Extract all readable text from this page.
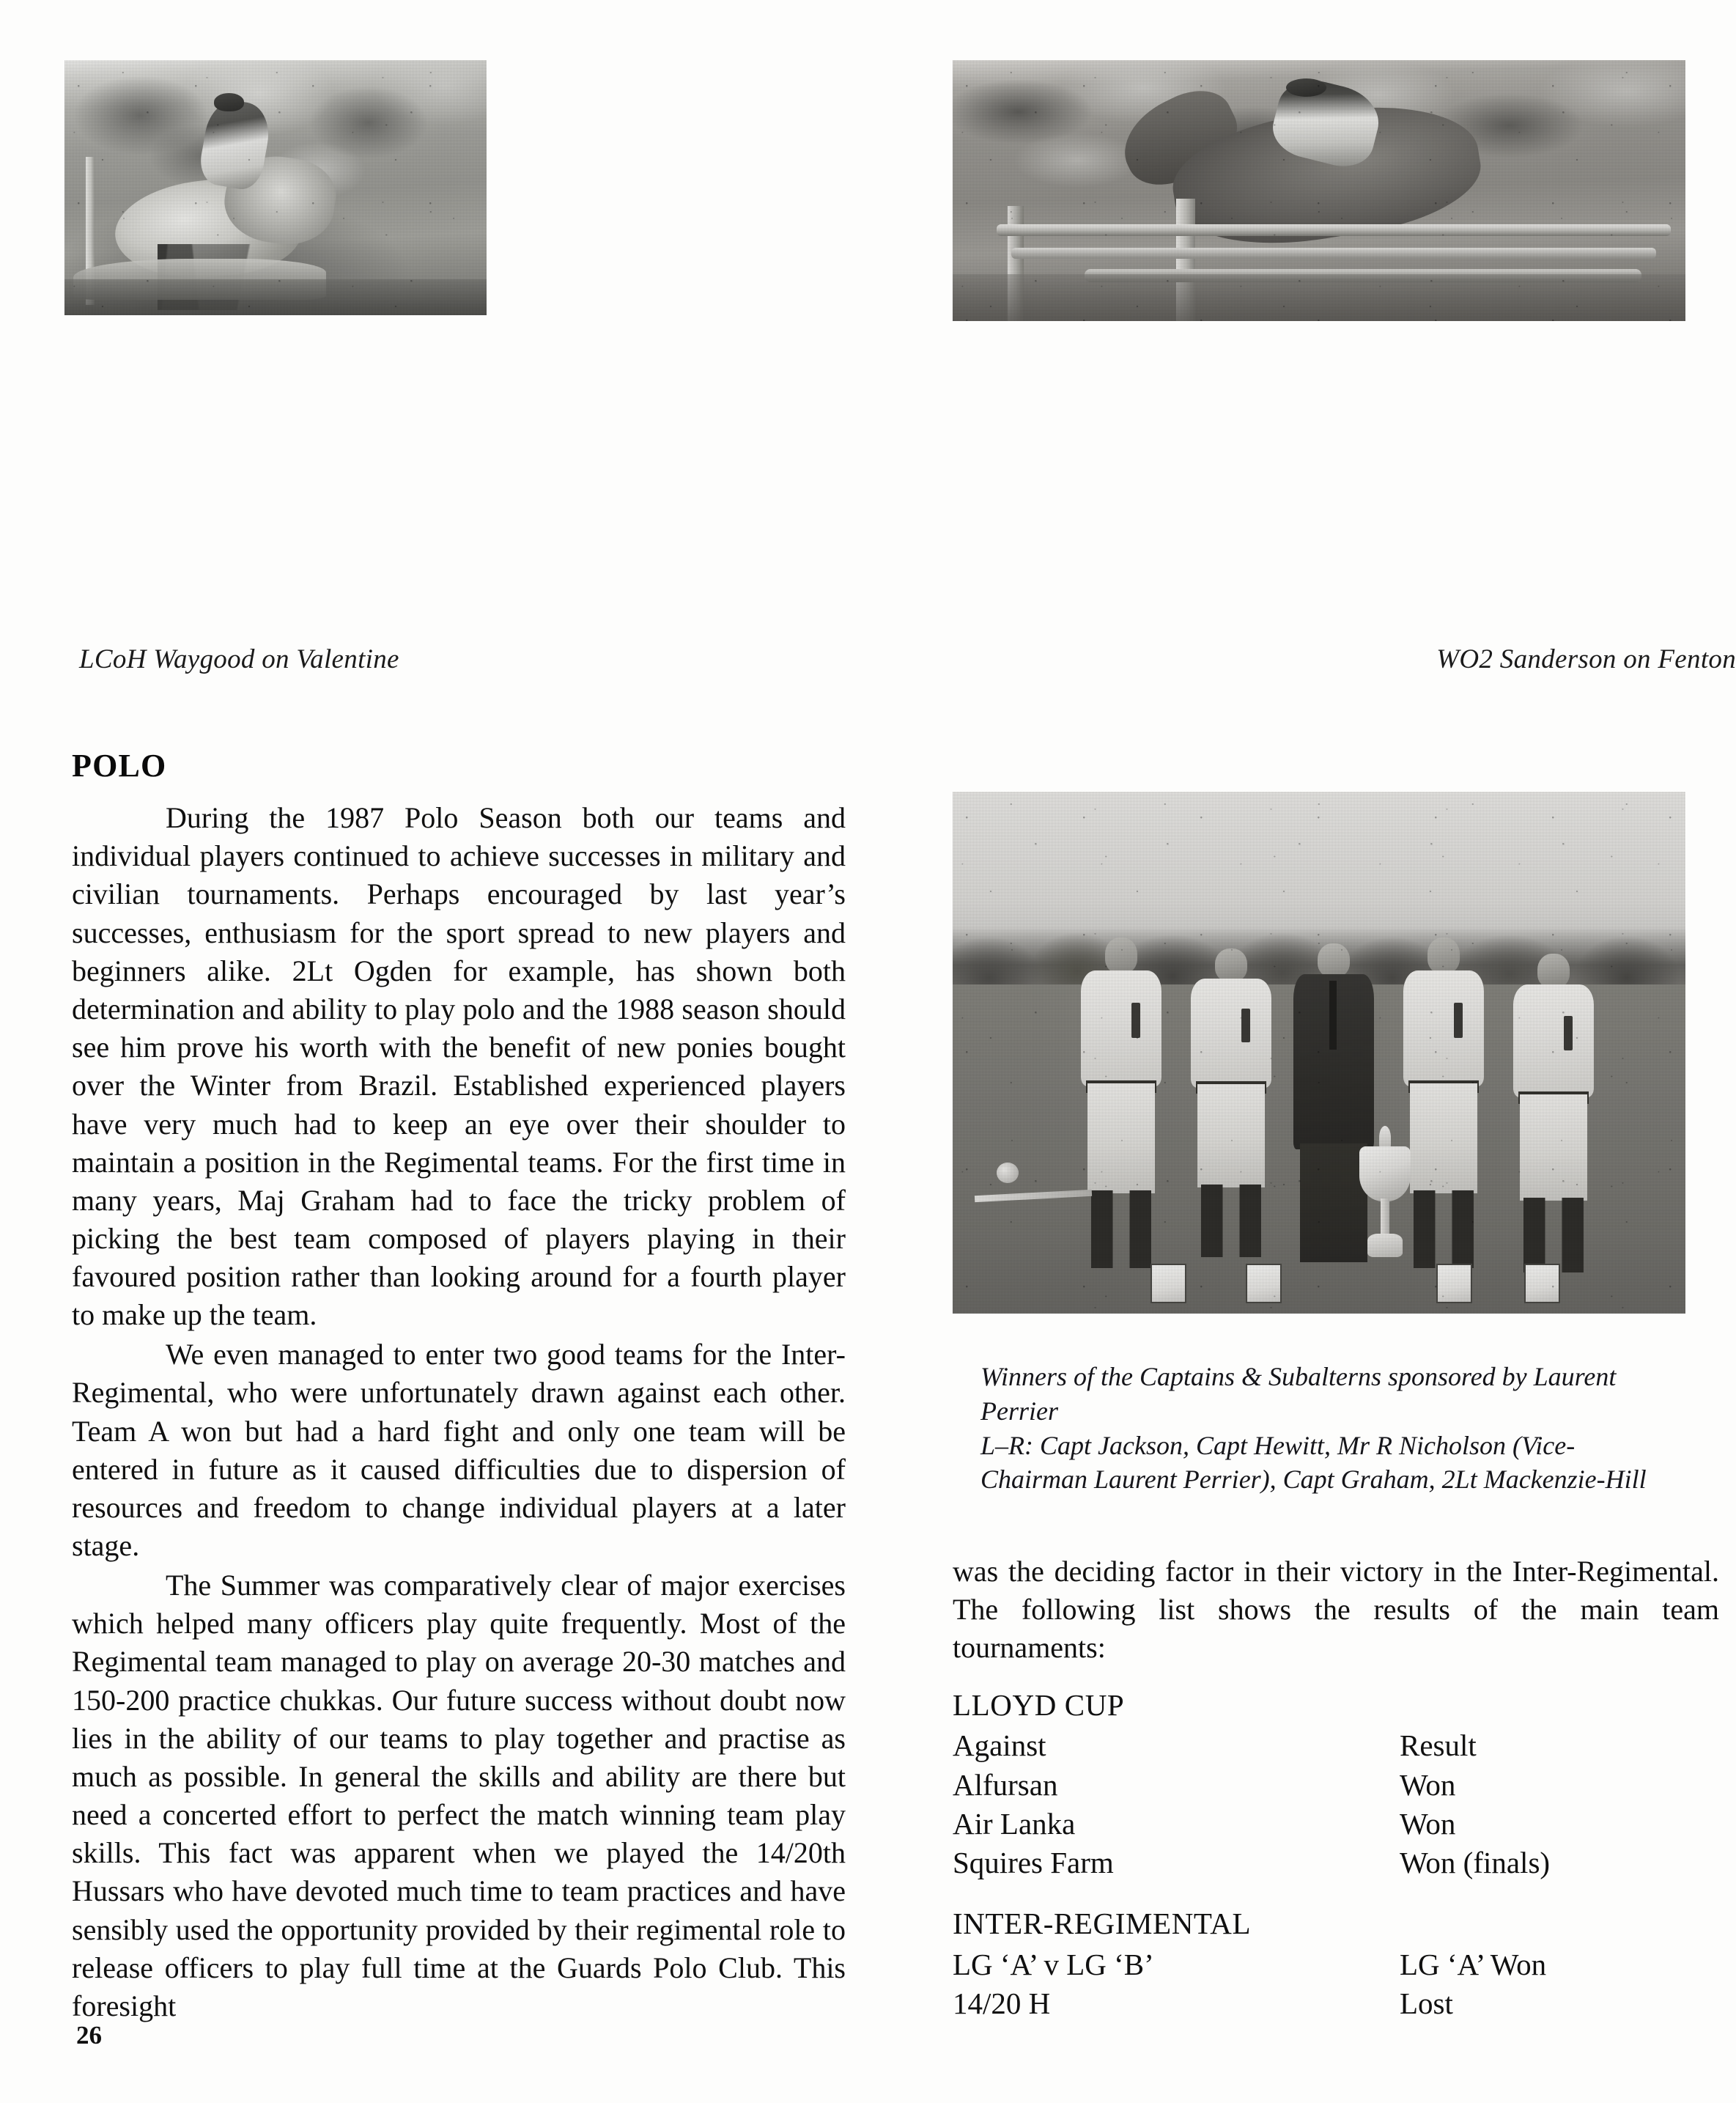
LCoH Waygood on Valentine	WO2 Sanderson on Fenton
POLO

During the 1987 Polo Season both our teams and individual players continued to achieve successes in military and civilian tournaments. Perhaps encouraged by last year’s successes, enthusiasm for the sport spread to new players and beginners alike. 2Lt Ogden for example, has shown both determination and ability to play polo and the 1988 season should see him prove his worth with the benefit of new ponies bought over the Winter from Brazil. Established experienced players have very much had to keep an eye over their shoulder to maintain a position in the Regimental teams. For the first time in many years, Maj Graham had to face the tricky problem of picking the best team composed of players playing in their favoured position rather than looking around for a fourth player to make up the team.

We even managed to enter two good teams for the Inter-Regimental, who were unfortunately drawn against each other. Team A won but had a hard fight and only one team will be entered in future as it caused difficulties due to dispersion of resources and freedom to change individual players at a later stage.

The Summer was comparatively clear of major exercises which helped many officers play quite frequently. Most of the Regimental team managed to play on average 20-30 matches and 150-200 practice chukkas. Our future success without doubt now lies in the ability of our teams to play together and practise as much as possible. In general the skills and ability are there but need a concerted effort to perfect the match winning team play skills. This fact was apparent when we played the 14/20th Hussars who have devoted much time to team practices and have sensibly used the opportunity provided by their regimental role to release officers to play full time at the Guards Polo Club. This foresight

Winners of the Captains & Subalterns sponsored by Laurent
Perrier
L–R: Capt Jackson, Capt Hewitt, Mr R Nicholson (Vice-
Chairman Laurent Perrier), Capt Graham, 2Lt Mackenzie-Hill

was the deciding factor in their victory in the Inter-Regimental. The following list shows the results of the main team tournaments:

LLOYD CUP
Against	Result
Alfursan	Won
Air Lanka	Won
Squires Farm	Won (finals)
INTER-REGIMENTAL
LG ‘A’ v LG ‘B’	LG ‘A’ Won
14/20 H	Lost
26
